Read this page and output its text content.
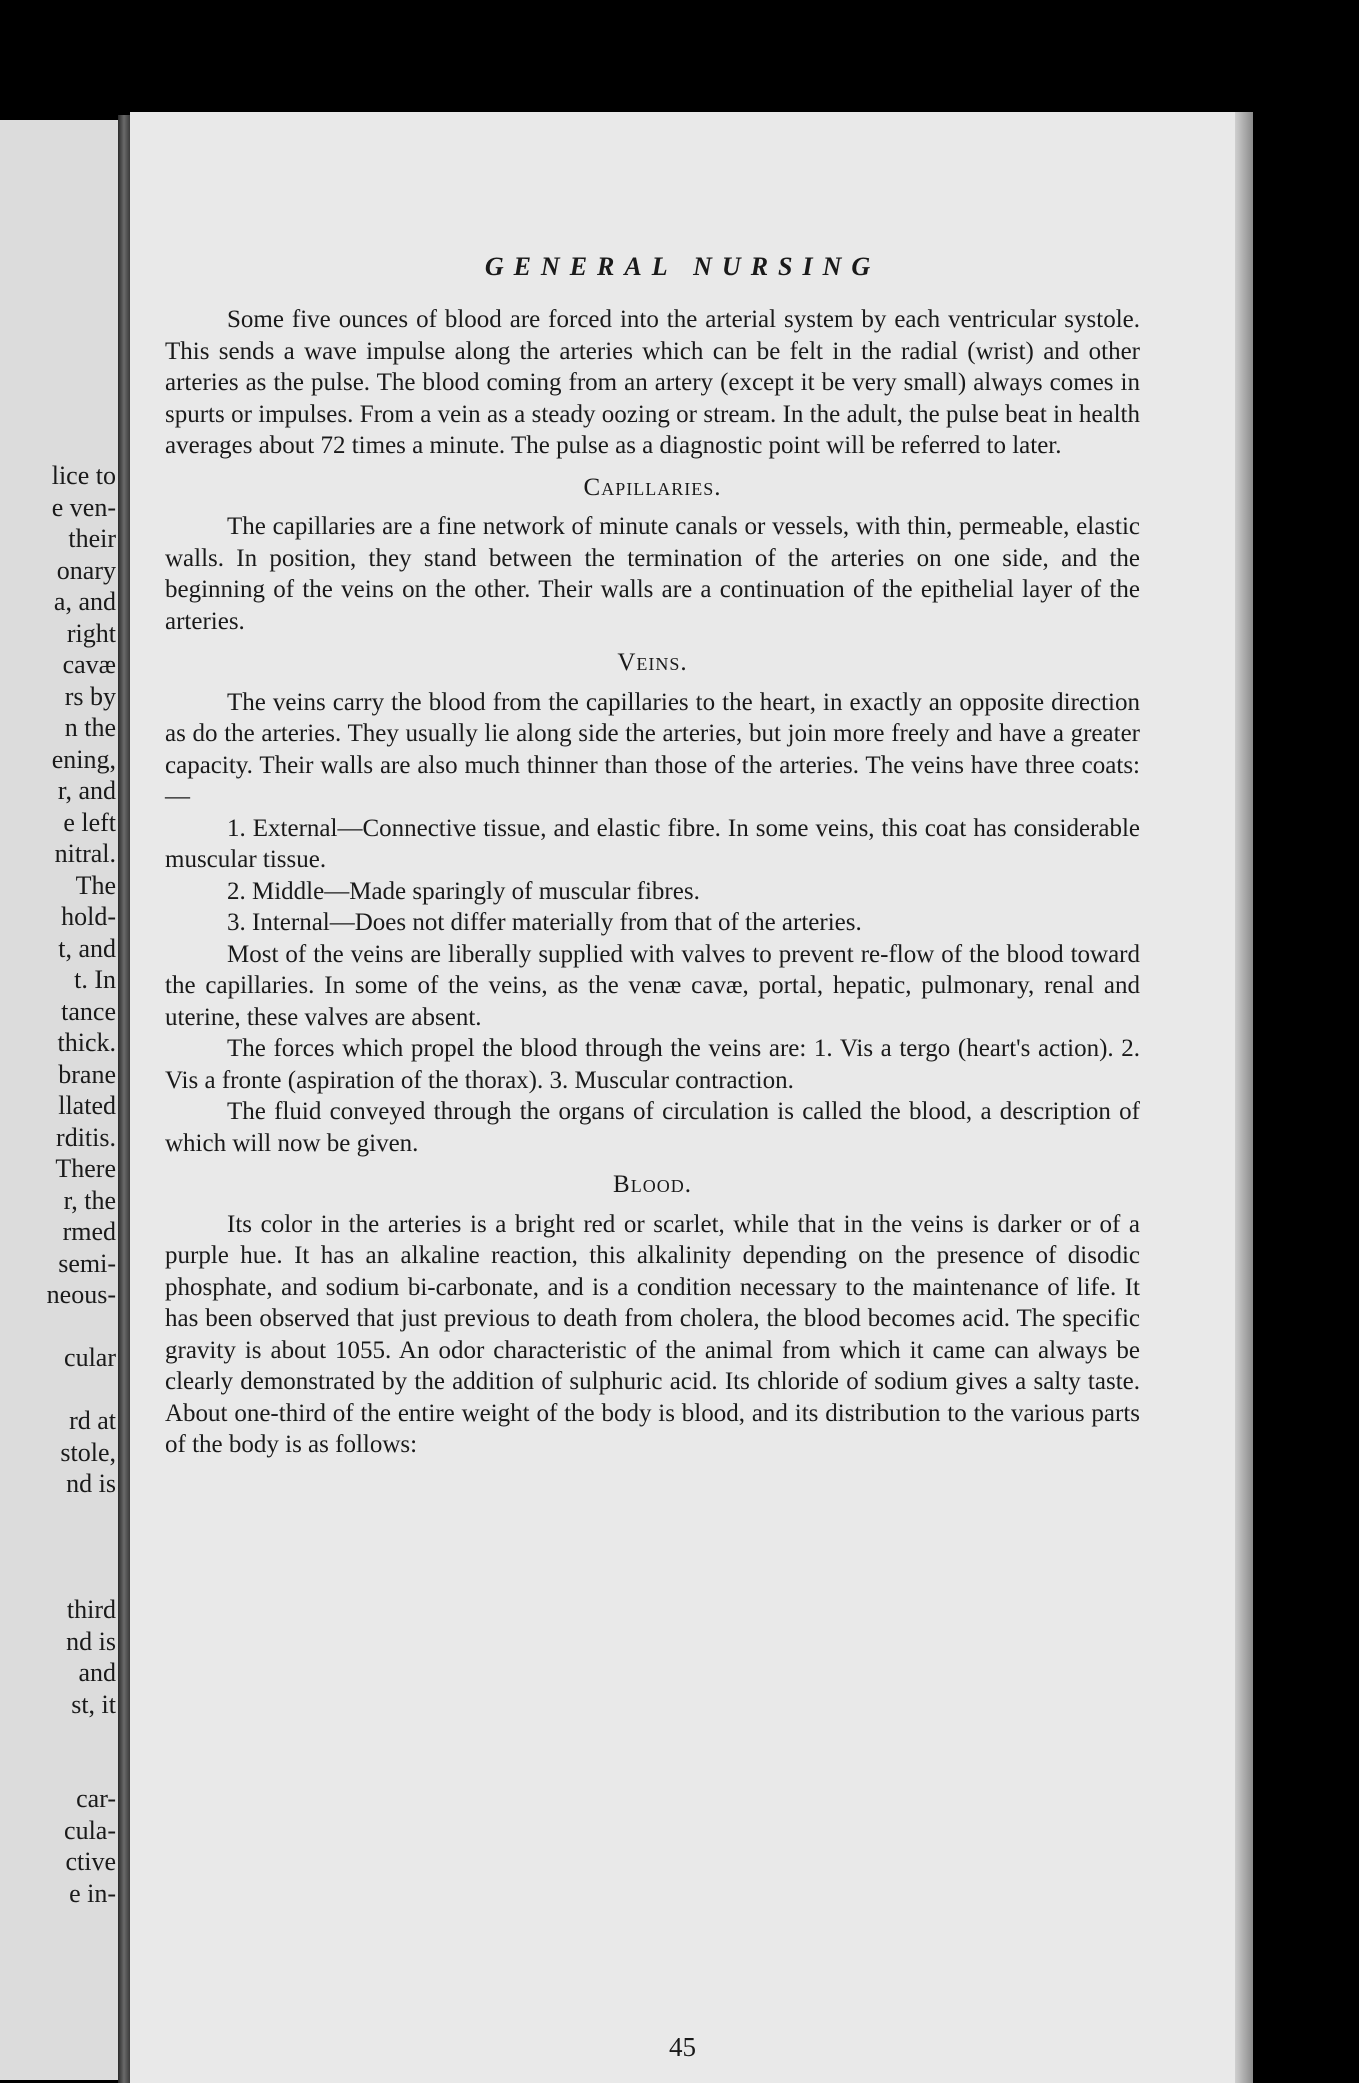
lice to
e ven-
their
onary
a, and
right
cavæ
rs by
n the
ening,
r, and
e left
nitral.
The
hold-
t, and
t. In
tance
thick.
brane
llated
rditis.
There
r, the
rmed
semi-
neous-
cular
rd at
stole,
nd is
third
nd is
and
st, it
car-
cula-
ctive
e in-
GENERAL NURSING

Some five ounces of blood are forced into the arterial system by each ventricular systole. This sends a wave impulse along the arteries which can be felt in the radial (wrist) and other arteries as the pulse. The blood coming from an artery (except it be very small) always comes in spurts or impulses. From a vein as a steady oozing or stream. In the adult, the pulse beat in health averages about 72 times a minute. The pulse as a diagnostic point will be referred to later.

Capillaries.

The capillaries are a fine network of minute canals or vessels, with thin, permeable, elastic walls. In position, they stand between the termination of the arteries on one side, and the beginning of the veins on the other. Their walls are a continuation of the epithelial layer of the arteries.

Veins.

The veins carry the blood from the capillaries to the heart, in exactly an opposite direction as do the arteries. They usually lie along side the arteries, but join more freely and have a greater capacity. Their walls are also much thinner than those of the arteries. The veins have three coats:—

1. External—Connective tissue, and elastic fibre. In some veins, this coat has considerable muscular tissue.

2. Middle—Made sparingly of muscular fibres.

3. Internal—Does not differ materially from that of the arteries.

Most of the veins are liberally supplied with valves to prevent re-flow of the blood toward the capillaries. In some of the veins, as the venæ cavæ, portal, hepatic, pulmonary, renal and uterine, these valves are absent.

The forces which propel the blood through the veins are: 1. Vis a tergo (heart's action). 2. Vis a fronte (aspiration of the thorax). 3. Muscular contraction.

The fluid conveyed through the organs of circulation is called the blood, a description of which will now be given.

Blood.

Its color in the arteries is a bright red or scarlet, while that in the veins is darker or of a purple hue. It has an alkaline reaction, this alkalinity depending on the presence of disodic phosphate, and sodium bi-carbonate, and is a condition necessary to the maintenance of life. It has been observed that just previous to death from cholera, the blood becomes acid. The specific gravity is about 1055. An odor characteristic of the animal from which it came can always be clearly demonstrated by the addition of sulphuric acid. Its chloride of sodium gives a salty taste. About one-third of the entire weight of the body is blood, and its distribution to the various parts of the body is as follows:

45
